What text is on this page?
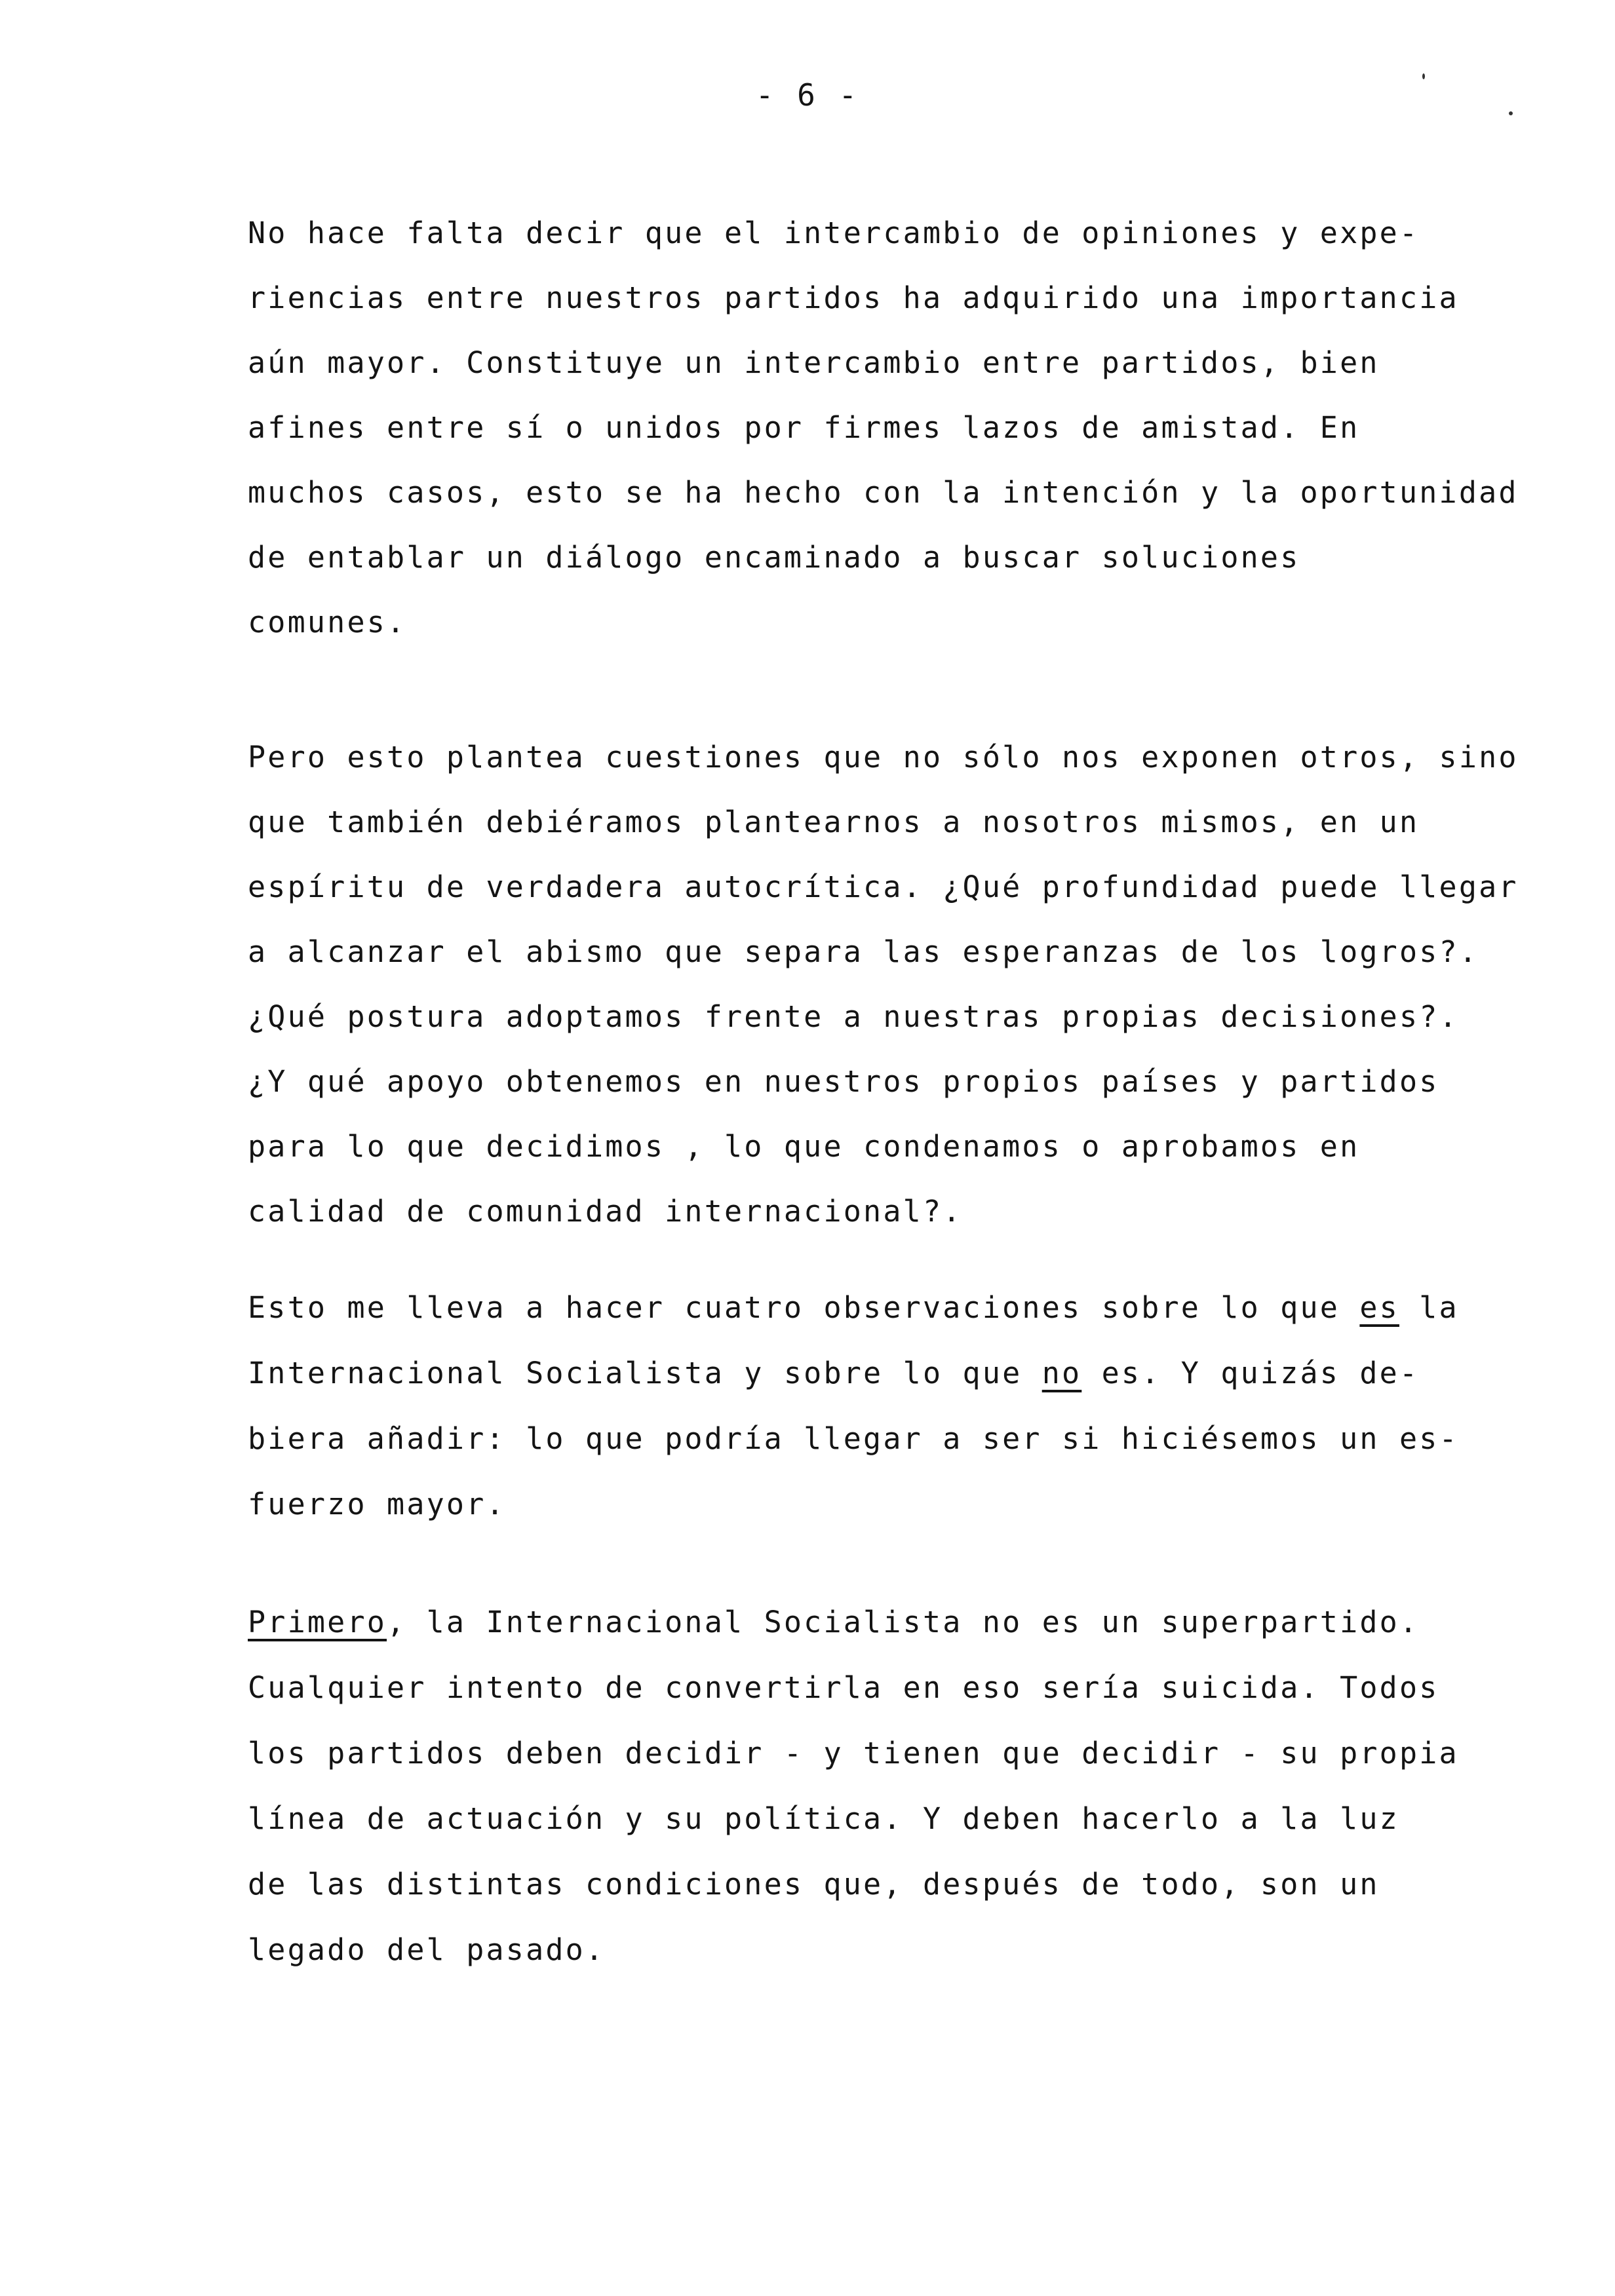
- 6 -
No hace falta decir que el intercambio de opiniones y expe-
riencias entre nuestros partidos ha adquirido una importancia
aún mayor. Constituye un intercambio entre partidos, bien
afines entre sí o unidos por firmes lazos de amistad. En
muchos casos, esto se ha hecho con la intención y la oportunidad
de entablar un diálogo encaminado a buscar soluciones
comunes.
Pero esto plantea cuestiones que no sólo nos exponen otros, sino
que también debiéramos plantearnos a nosotros mismos, en un
espíritu de verdadera autocrítica. ¿Qué profundidad puede llegar
a alcanzar el abismo que separa las esperanzas de los logros?.
¿Qué postura adoptamos frente a nuestras propias decisiones?.
¿Y qué apoyo obtenemos en nuestros propios países y partidos
para lo que decidimos , lo que condenamos o aprobamos en
calidad de comunidad internacional?.
Esto me lleva a hacer cuatro observaciones sobre lo que es la
Internacional Socialista y sobre lo que no es. Y quizás de-
biera añadir: lo que podría llegar a ser si hiciésemos un es-
fuerzo mayor.
Primero, la Internacional Socialista no es un superpartido.
Cualquier intento de convertirla en eso sería suicida. Todos
los partidos deben decidir - y tienen que decidir - su propia
línea de actuación y su política. Y deben hacerlo a la luz
de las distintas condiciones que, después de todo, son un
legado del pasado.
